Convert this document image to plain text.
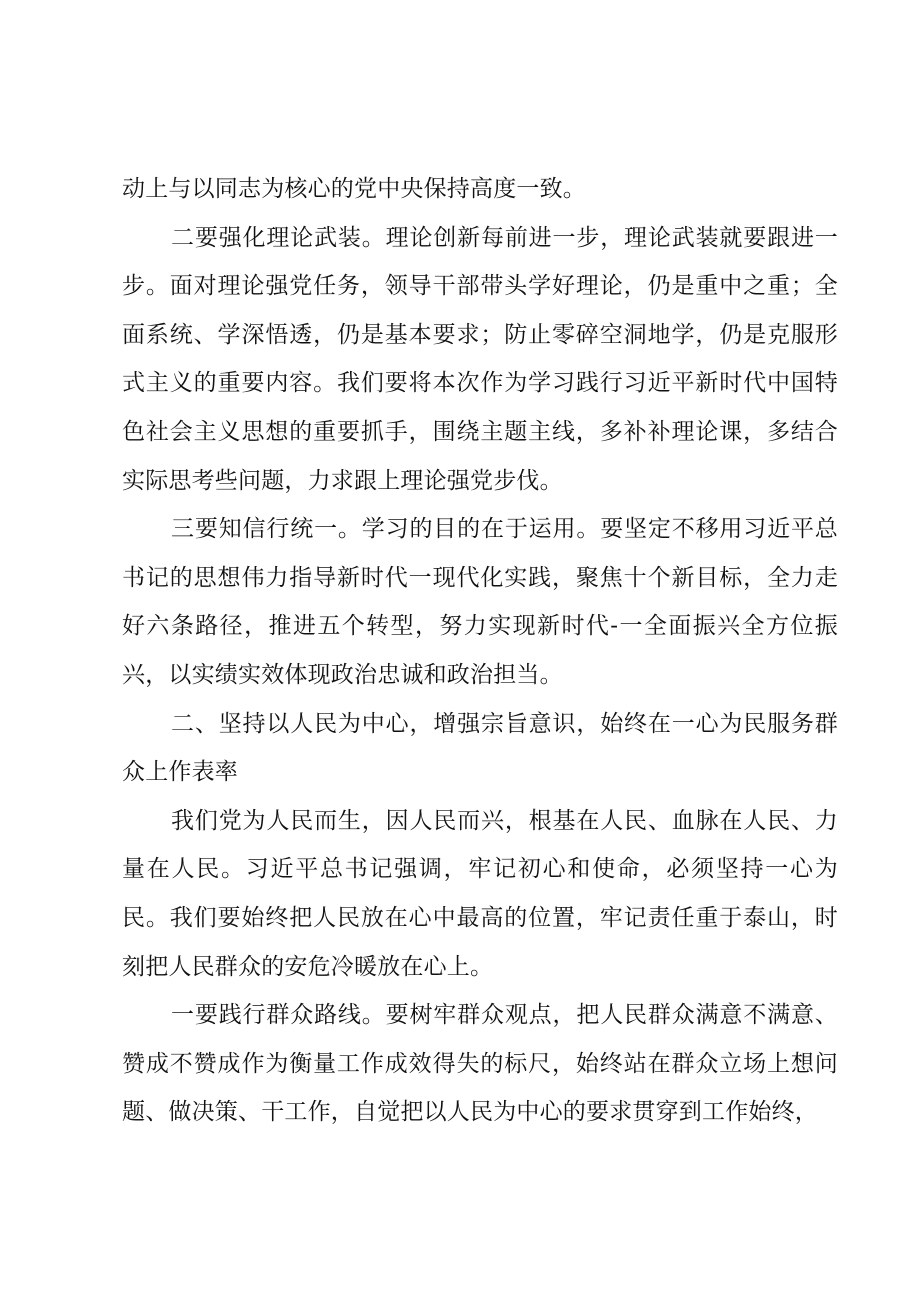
动上与以同志为核心的党中央保持高度一致。

二要强化理论武装。理论创新每前进一步，理论武装就要跟进一步。面对理论强党任务，领导干部带头学好理论，仍是重中之重；全面系统、学深悟透，仍是基本要求；防止零碎空洞地学，仍是克服形式主义的重要内容。我们要将本次作为学习践行习近平新时代中国特色社会主义思想的重要抓手，围绕主题主线，多补补理论课，多结合实际思考些问题，力求跟上理论强党步伐。

三要知信行统一。学习的目的在于运用。要坚定不移用习近平总书记的思想伟力指导新时代一现代化实践，聚焦十个新目标，全力走好六条路径，推进五个转型，努力实现新时代-一全面振兴全方位振兴，以实绩实效体现政治忠诚和政治担当。

二、坚持以人民为中心，增强宗旨意识，始终在一心为民服务群众上作表率

我们党为人民而生，因人民而兴，根基在人民、血脉在人民、力量在人民。习近平总书记强调，牢记初心和使命，必须坚持一心为民。我们要始终把人民放在心中最高的位置，牢记责任重于泰山，时刻把人民群众的安危冷暖放在心上。

一要践行群众路线。要树牢群众观点，把人民群众满意不满意、赞成不赞成作为衡量工作成效得失的标尺，始终站在群众立场上想问题、做决策、干工作，自觉把以人民为中心的要求贯穿到工作始终，
